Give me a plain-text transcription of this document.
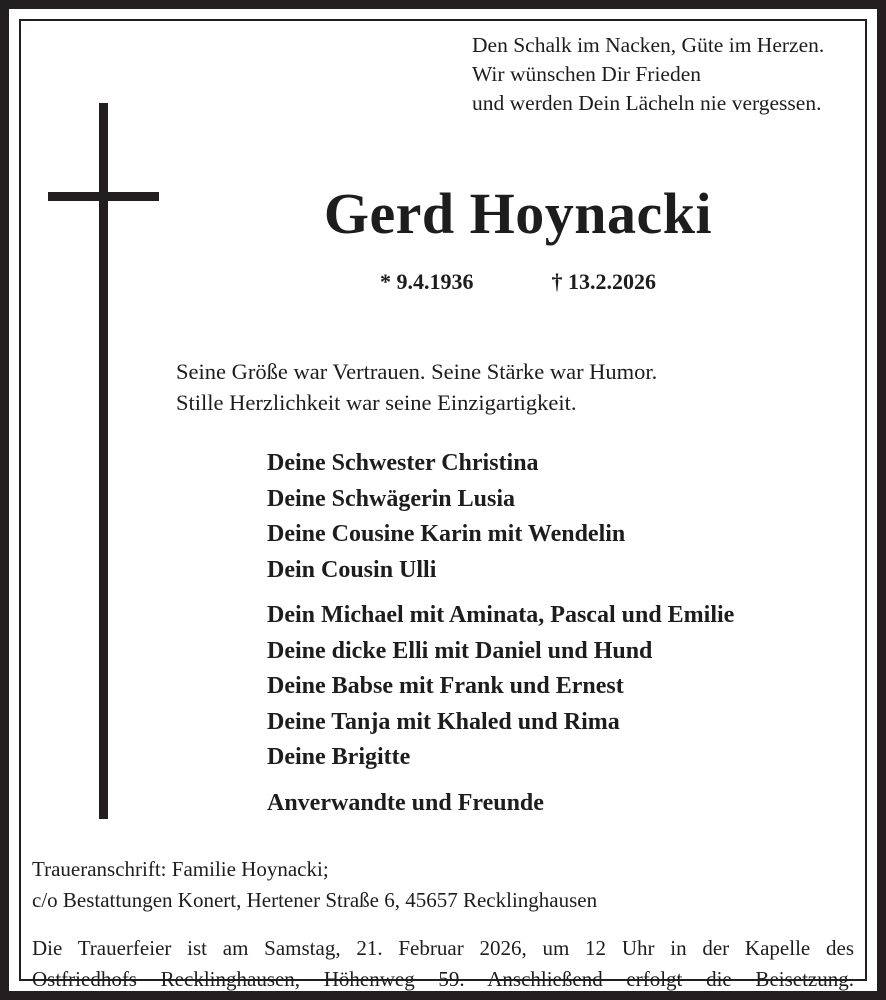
Den Schalk im Nacken, Güte im Herzen.
Wir wünschen Dir Frieden
und werden Dein Lächeln nie vergessen.
Gerd Hoynacki
* 9.4.1936	† 13.2.2026
Seine Größe war Vertrauen. Seine Stärke war Humor.
Stille Herzlichkeit war seine Einzigartigkeit.
Deine Schwester Christina
Deine Schwägerin Lusia
Deine Cousine Karin mit Wendelin
Dein Cousin Ulli
Dein Michael mit Aminata, Pascal und Emilie
Deine dicke Elli mit Daniel und Hund
Deine Babse mit Frank und Ernest
Deine Tanja mit Khaled und Rima
Deine Brigitte
Anverwandte und Freunde
Traueranschrift: Familie Hoynacki;
c/o Bestattungen Konert, Hertener Straße 6, 45657 Recklinghausen
Die Trauerfeier ist am Samstag, 21. Februar 2026, um 12 Uhr in der Kapelle des
Ostfriedhofs Recklinghausen, Höhenweg 59. Anschließend erfolgt die Beisetzung.
